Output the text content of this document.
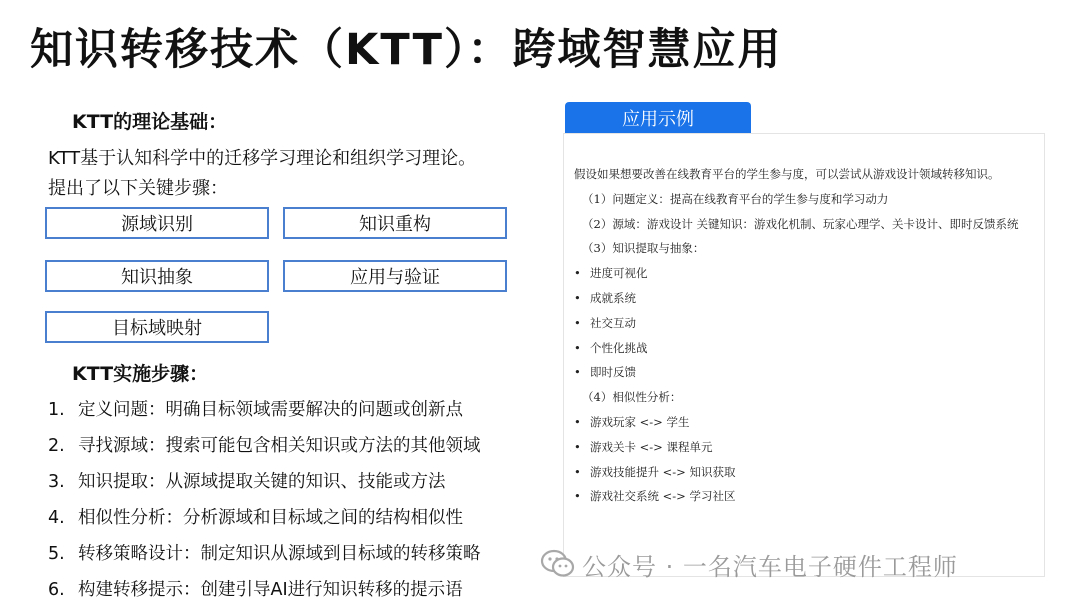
知识转移技术（KTT）：跨域智慧应用
KTT的理论基础：
KTT基于认知科学中的迁移学习理论和组织学习理论。
提出了以下关键步骤：
源域识别	知识重构
知识抽象	应用与验证
目标域映射
KTT实施步骤：
1. 定义问题：明确目标领域需要解决的问题或创新点
2. 寻找源域：搜索可能包含相关知识或方法的其他领域
3. 知识提取：从源域提取关键的知识、技能或方法
4. 相似性分析：分析源域和目标域之间的结构相似性
5. 转移策略设计：制定知识从源域到目标域的转移策略
6. 构建转移提示：创建引导AI进行知识转移的提示语
应用示例
假设如果想要改善在线教育平台的学生参与度，可以尝试从游戏设计领域转移知识。
（1）问题定义：提高在线教育平台的学生参与度和学习动力
（2）源域：游戏设计 关键知识：游戏化机制、玩家心理学、关卡设计、即时反馈系统
（3）知识提取与抽象：
• 进度可视化
• 成就系统
• 社交互动
• 个性化挑战
• 即时反馈
（4）相似性分析：
• 游戏玩家 <-> 学生
• 游戏关卡 <-> 课程单元
• 游戏技能提升 <-> 知识获取
• 游戏社交系统 <-> 学习社区
公众号 · 一名汽车电子硬件工程师
